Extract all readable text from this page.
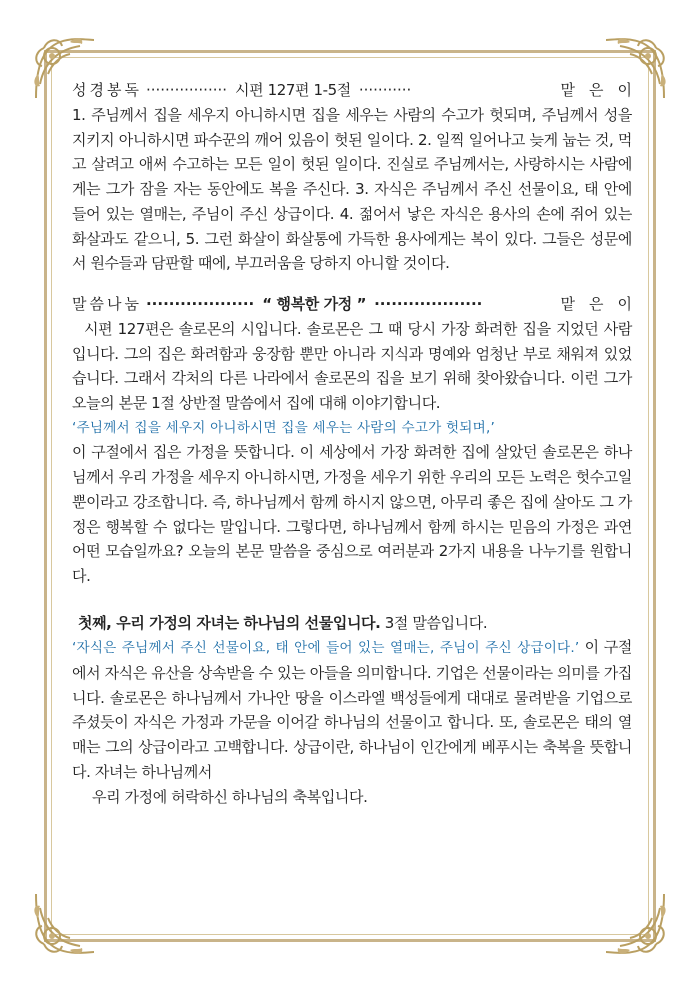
성경봉독 ················· 시편 127편 1-5절 ···········	맡은이

1. 주님께서 집을 세우지 아니하시면 집을 세우는 사람의 수고가 헛되며, 주님께서 성을 지키지 아니하시면 파수꾼의 깨어 있음이 헛된 일이다. 2. 일찍 일어나고 늦게 눕는 것, 먹고 살려고 애써 수고하는 모든 일이 헛된 일이다. 진실로 주님께서는, 사랑하시는 사람에게는 그가 잠을 자는 동안에도 복을 주신다. 3. 자식은 주님께서 주신 선물이요, 태 안에 들어 있는 열매는, 주님이 주신 상급이다. 4. 젊어서 낳은 자식은 용사의 손에 쥐어 있는 화살과도 같으니, 5. 그런 화살이 화살통에 가득한 용사에게는 복이 있다. 그들은 성문에서 원수들과 담판할 때에, 부끄러움을 당하지 아니할 것이다.

말씀나눔 ··················· “ 행복한 가정 ” ···················	맡은이

시편 127편은 솔로몬의 시입니다. 솔로몬은 그 때 당시 가장 화려한 집을 지었던 사람입니다. 그의 집은 화려함과 웅장함 뿐만 아니라 지식과 명예와 엄청난 부로 채워져 있었습니다. 그래서 각처의 다른 나라에서 솔로몬의 집을 보기 위해 찾아왔습니다. 이런 그가 오늘의 본문 1절 상반절 말씀에서 집에 대해 이야기합니다.

‘주님께서 집을 세우지 아니하시면 집을 세우는 사람의 수고가 헛되며,’

이 구절에서 집은 가정을 뜻합니다. 이 세상에서 가장 화려한 집에 살았던 솔로몬은 하나님께서 우리 가정을 세우지 아니하시면, 가정을 세우기 위한 우리의 모든 노력은 헛수고일 뿐이라고 강조합니다. 즉, 하나님께서 함께 하시지 않으면, 아무리 좋은 집에 살아도 그 가정은 행복할 수 없다는 말입니다. 그렇다면, 하나님께서 함께 하시는 믿음의 가정은 과연 어떤 모습일까요? 오늘의 본문 말씀을 중심으로 여러분과 2가지 내용을 나누기를 원합니다.

첫째, 우리 가정의 자녀는 하나님의 선물입니다. 3절 말씀입니다.

‘자식은 주님께서 주신 선물이요, 태 안에 들어 있는 열매는, 주님이 주신 상급이다.’ 이 구절에서 자식은 유산을 상속받을 수 있는 아들을 의미합니다. 기업은 선물이라는 의미를 가집니다. 솔로몬은 하나님께서 가나안 땅을 이스라엘 백성들에게 대대로 물려받을 기업으로 주셨듯이 자식은 가정과 가문을 이어갈 하나님의 선물이고 합니다. 또, 솔로몬은 태의 열매는 그의 상급이라고 고백합니다. 상급이란, 하나님이 인간에게 베푸시는 축복을 뜻합니다. 자녀는 하나님께서

우리 가정에 허락하신 하나님의 축복입니다.
